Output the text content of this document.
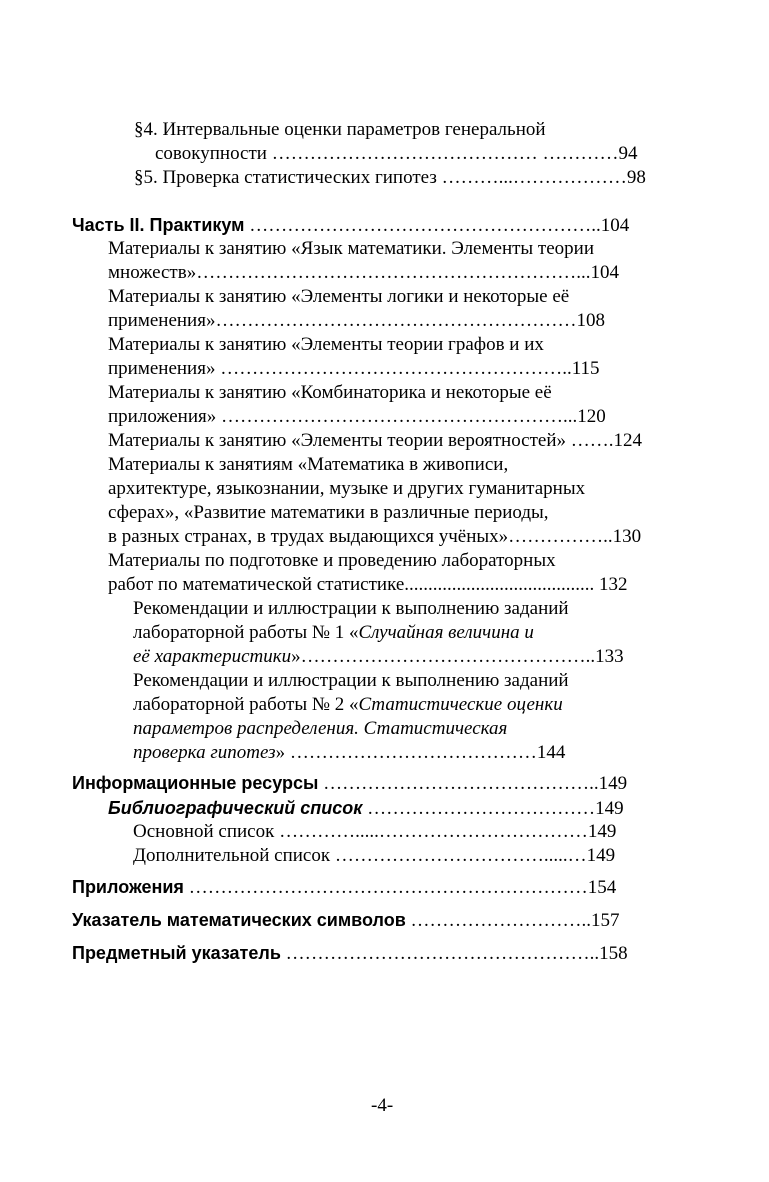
§4. Интервальные оценки параметров генеральной
совокупности …………………………………… …………94
§5. Проверка статистических гипотез ………...………………98
Часть II. Практикум ………………………………………………..104
Материалы к занятию «Язык математики. Элементы теории
множеств»……………………………………………………...104
Материалы к занятию «Элементы логики и некоторые её
применения»…………………………………………………108
Материалы к занятию «Элементы теории графов и их
применения» ………………………………………………..115
Материалы к занятию «Комбинаторика и некоторые её
приложения» ………………………………………………...120
Материалы к занятию «Элементы теории вероятностей» …….124
Материалы к занятиям «Математика в живописи,
архитектуре, языкознании, музыке и других гуманитарных
сферах», «Развитие математики в различные периоды,
в разных странах, в трудах выдающихся учёных»……………..130
Материалы по подготовке и проведению лабораторных
работ по математической статистике........................................ 132
Рекомендации и иллюстрации к выполнению заданий
лабораторной работы № 1 «Случайная величина и
её характеристики»………………………………………..133
Рекомендации и иллюстрации к выполнению заданий
лабораторной работы № 2 «Статистические оценки
параметров распределения. Статистическая
проверка гипотез» …………………………………144
Информационные ресурсы ……………………………………..149
Библиографический список ………………………………149
Основной список ………….....……………………………149
Дополнительной список …………………………….....…149
Приложения ………………………………………………………154
Указатель математических символов ………………………..157
Предметный указатель …………………………………………..158
-4-
